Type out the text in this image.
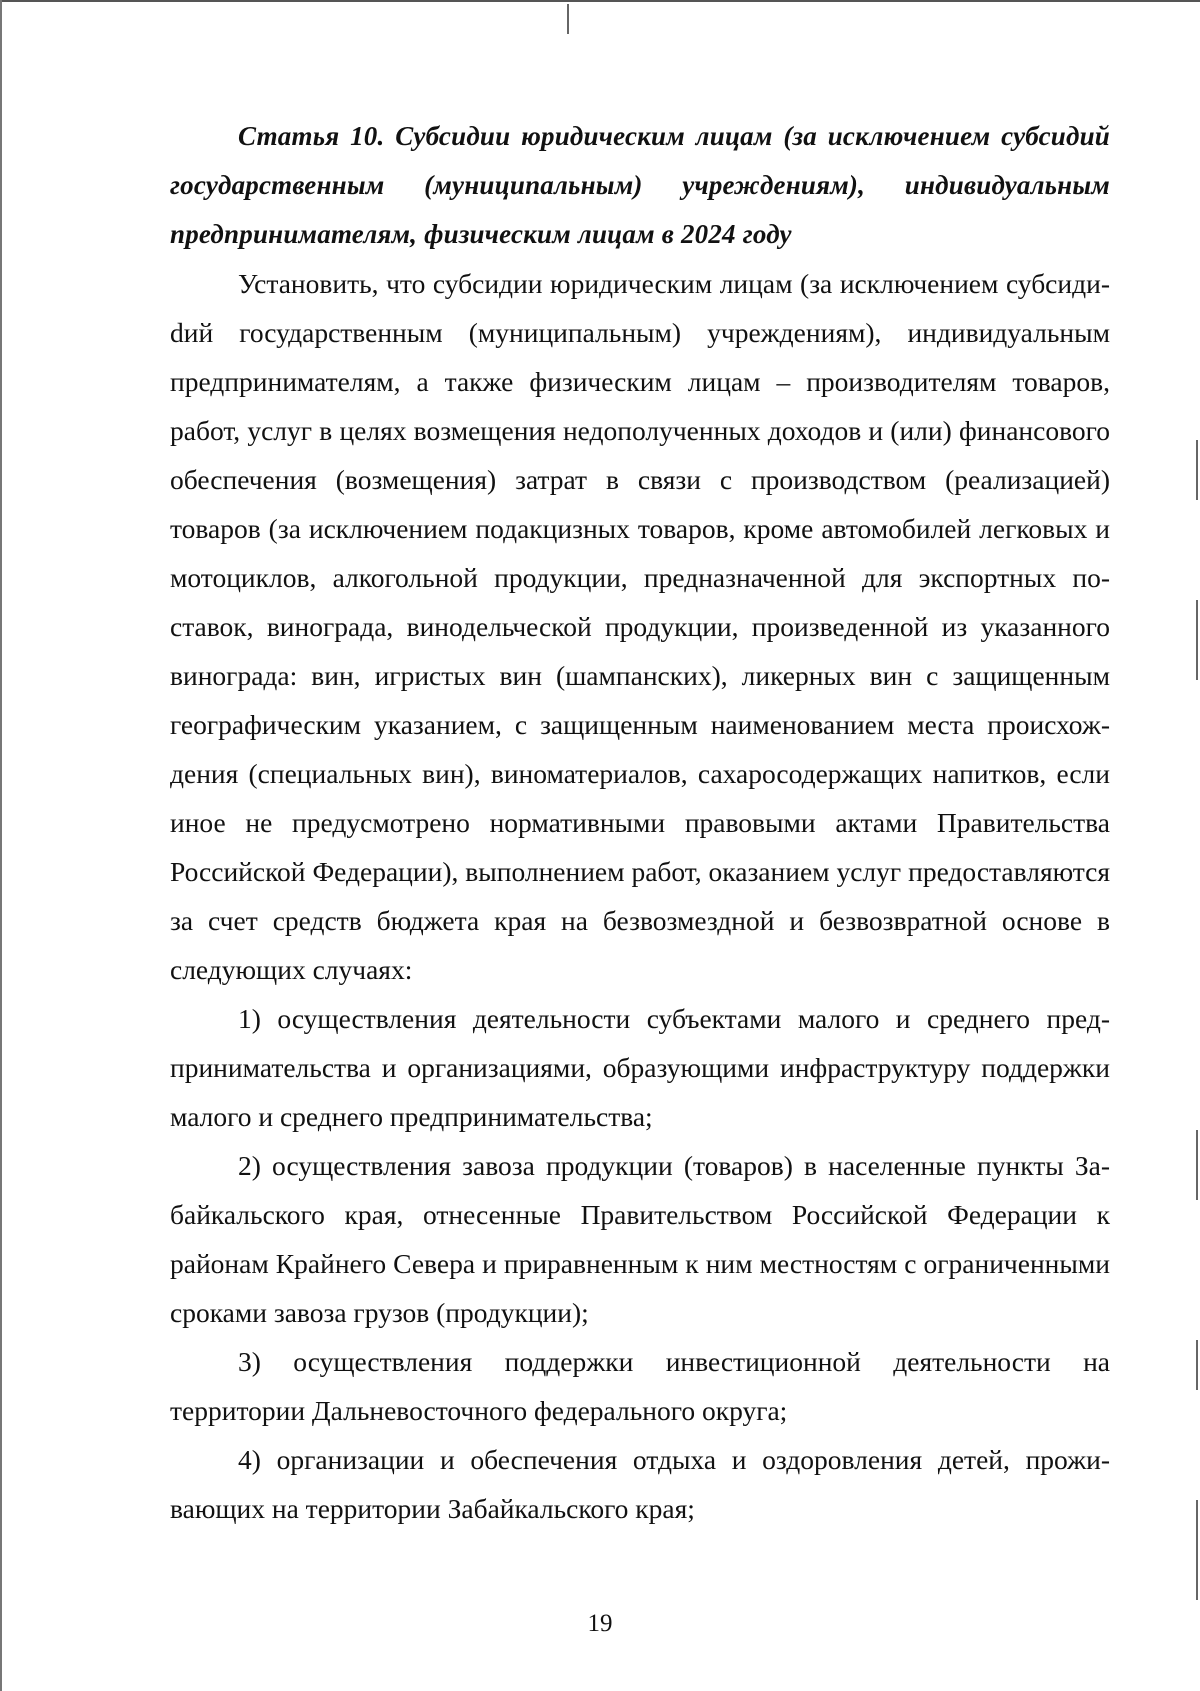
Статья 10. Субсидии юридическим лицам (за исключением субсидий государственным (муниципальным) учреждениям), индивидуальным предпринимателям, физическим лицам в 2024 году

Установить, что субсидии юридическим лицам (за исключением субсидиdий государственным (муниципальным) учреждениям), индивидуальным предпринимателям, а также физическим лицам – производителям товаров, работ, услуг в целях возмещения недополученных доходов и (или) финансового обеспечения (возмещения) затрат в связи с производством (реализацией) товаров (за исключением подакцизных товаров, кроме автомобилей легковых и мотоциклов, алкогольной продукции, предназначенной для экспортных поставок, винограда, винодельческой продукции, произведенной из указанного винограда: вин, игристых вин (шампанских), ликерных вин с защищенным географическим указанием, с защищенным наименованием места происхождения (специальных вин), виноматериалов, сахаросодержащих напитков, если иное не предусмотрено нормативными правовыми актами Правительства Российской Федерации), выполнением работ, оказанием услуг предоставляются за счет средств бюджета края на безвозмездной и безвозвратной основе в следующих случаях:

1) осуществления деятельности субъектами малого и среднего предпринимательства и организациями, образующими инфраструктуру поддержки малого и среднего предпринимательства;

2) осуществления завоза продукции (товаров) в населенные пункты Забайкальского края, отнесенные Правительством Российской Федерации к районам Крайнего Севера и приравненным к ним местностям с ограниченными сроками завоза грузов (продукции);

3) осуществления поддержки инвестиционной деятельности на территории Дальневосточного федерального округа;

4) организации и обеспечения отдыха и оздоровления детей, проживающих на территории Забайкальского края;

19
